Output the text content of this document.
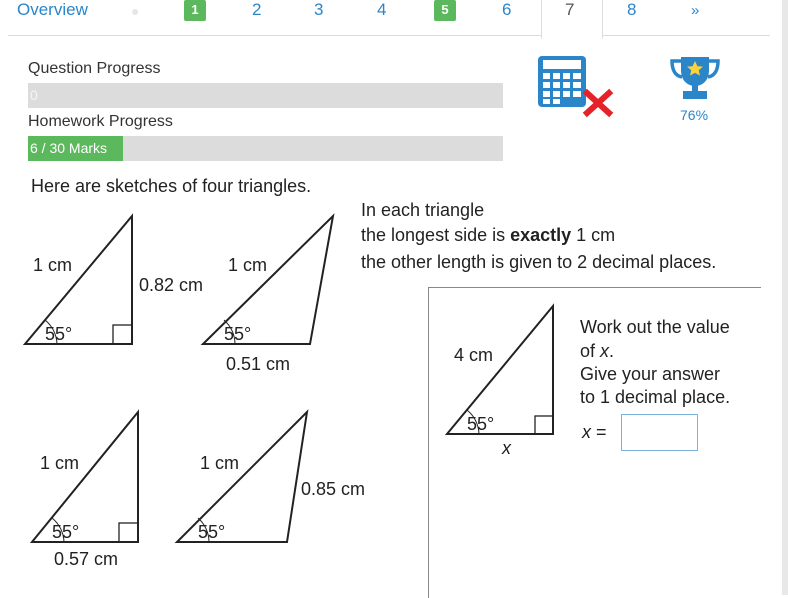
Overview	●	1	2	3	4	5	6	7	8	»
Question Progress
0
Homework Progress
6 / 30 Marks
76%
Here are sketches of four triangles.
In each triangle
the longest side is exactly 1 cm
the other length is given to 2 decimal places.
1 cm
0.82 cm
55°
1 cm
0.51 cm
55°
1 cm
0.57 cm
55°
1 cm
0.85 cm
55°
4 cm
55°
x
Work out the value
of x.
Give your answer
to 1 decimal place.
x =
